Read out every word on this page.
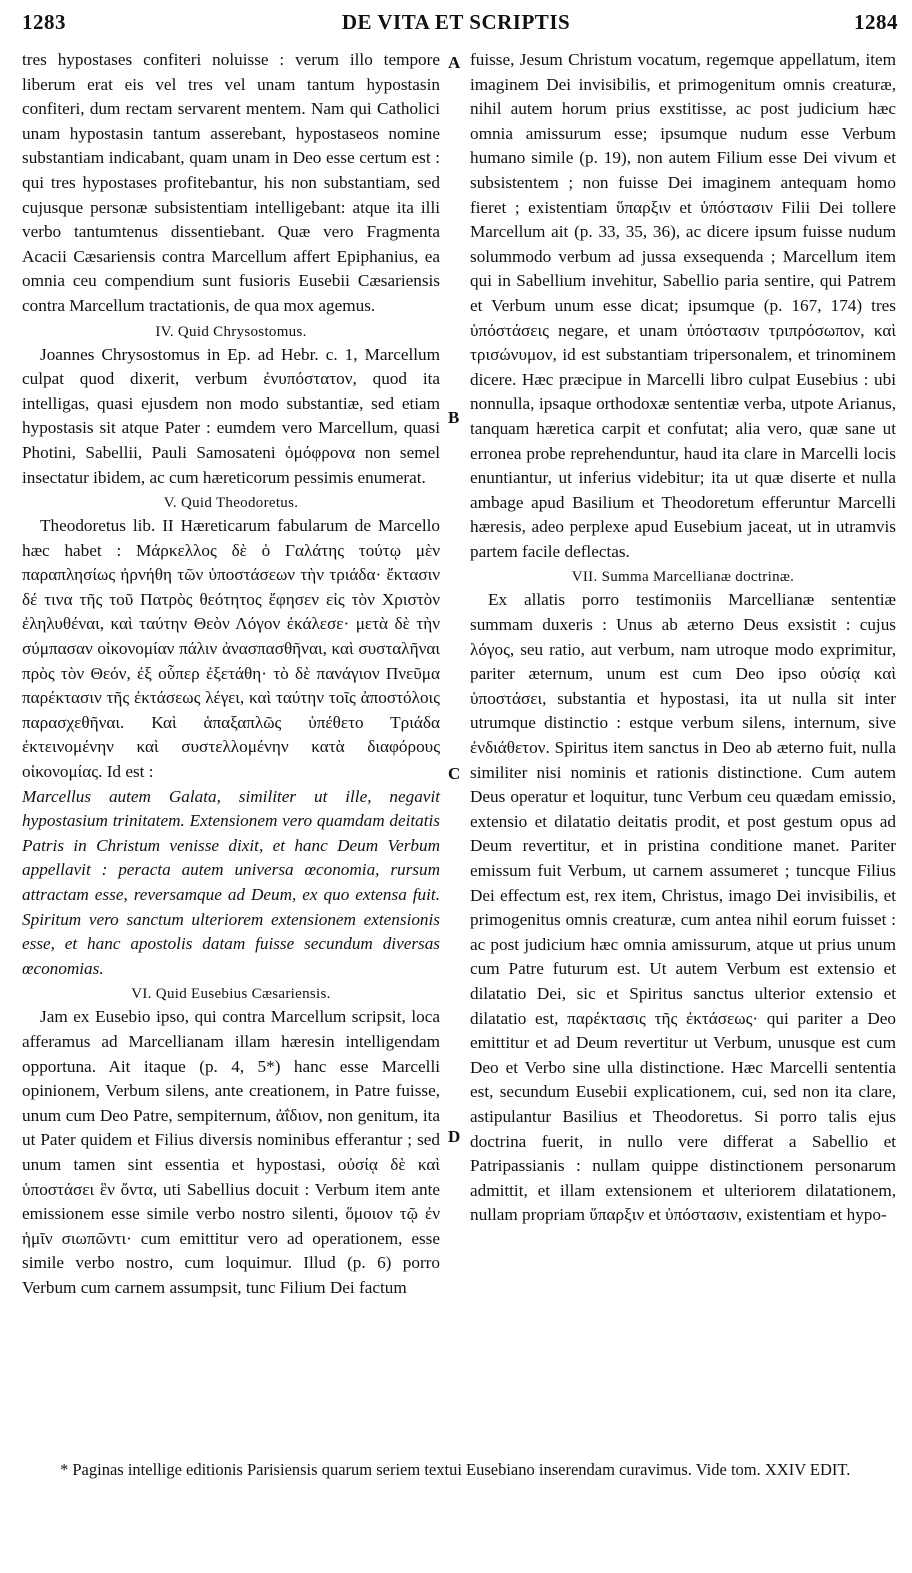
1283	DE VITA ET SCRIPTIS	1284
A
B
C
D

tres hypostases confiteri noluisse : verum illo tempore liberum erat eis vel tres vel unam tantum hypostasin confiteri, dum rectam servarent mentem. Nam qui Catholici unam hypostasin tantum asserebant, hypostaseos nomine substantiam indicabant, quam unam in Deo esse certum est : qui tres hypostases profitebantur, his non substantiam, sed cujusque personæ subsistentiam intelligebant: atque ita illi verbo tantumtenus dissentiebant. Quæ vero Fragmenta Acacii Cæsariensis contra Marcellum affert Epiphanius, ea omnia ceu compendium sunt fusioris Eusebii Cæsariensis contra Marcellum tractationis, de qua mox agemus.

IV. Quid Chrysostomus.

Joannes Chrysostomus in Ep. ad Hebr. c. 1, Marcellum culpat quod dixerit, verbum ἐνυπόστατον, quod ita intelligas, quasi ejusdem non modo substantiæ, sed etiam hypostasis sit atque Pater : eumdem vero Marcellum, quasi Photini, Sabellii, Pauli Samosateni ὁμόφρονα non semel insectatur ibidem, ac cum hæreticorum pessimis enumerat.

V. Quid Theodoretus.

Theodoretus lib. II Hæreticarum fabularum de Marcello hæc habet : Μάρκελλος δὲ ὁ Γαλάτης τούτῳ μὲν παραπλησίως ἠρνήθη τῶν ὑποστάσεων τὴν τριάδα· ἔκτασιν δέ τινα τῆς τοῦ Πατρὸς θεότητος ἔφησεν εἰς τὸν Χριστὸν ἐληλυθέναι, καὶ ταύτην Θεὸν Λόγον ἐκάλεσε· μετὰ δὲ τὴν σύμπασαν οἰκονομίαν πάλιν ἀνασπασθῆναι, καὶ συσταλῆναι πρὸς τὸν Θεόν, ἐξ οὗπερ ἐξετάθη· τὸ δὲ πανάγιον Πνεῦμα παρέκτασιν τῆς ἐκτάσεως λέγει, καὶ ταύτην τοῖς ἀποστόλοις παρασχεθῆναι. Καὶ ἁπαξαπλῶς ὑπέθετο Τριάδα ἐκτεινομένην καὶ συστελλομένην κατὰ διαφόρους οἰκονομίας. Id est :

Marcellus autem Galata, similiter ut ille, negavit hypostasium trinitatem. Extensionem vero quamdam deitatis Patris in Christum venisse dixit, et hanc Deum Verbum appellavit : peracta autem universa œconomia, rursum attractam esse, reversamque ad Deum, ex quo extensa fuit. Spiritum vero sanctum ulteriorem extensionem extensionis esse, et hanc apostolis datam fuisse secundum diversas œconomias.

VI. Quid Eusebius Cæsariensis.

Jam ex Eusebio ipso, qui contra Marcellum scripsit, loca afferamus ad Marcellianam illam hæresin intelligendam opportuna. Ait itaque (p. 4, 5*) hanc esse Marcelli opinionem, Verbum silens, ante creationem, in Patre fuisse, unum cum Deo Patre, sempiternum, ἀΐδιον, non genitum, ita ut Pater quidem et Filius diversis nominibus efferantur ; sed unum tamen sint essentia et hypostasi, οὐσίᾳ δὲ καὶ ὑποστάσει ἓν ὄντα, uti Sabellius docuit : Verbum item ante emissionem esse simile verbo nostro silenti, ὅμοιον τῷ ἐν ἡμῖν σιωπῶντι· cum emittitur vero ad operationem, esse simile verbo nostro, cum loquimur. Illud (p. 6) porro Verbum cum carnem assumpsit, tunc Filium Dei factum

fuisse, Jesum Christum vocatum, regemque appellatum, item imaginem Dei invisibilis, et primogenitum omnis creaturæ, nihil autem horum prius exstitisse, ac post judicium hæc omnia amissurum esse; ipsumque nudum esse Verbum humano simile (p. 19), non autem Filium esse Dei vivum et subsistentem ; non fuisse Dei imaginem antequam homo fieret ; existentiam ὕπαρξιν et ὑπόστασιν Filii Dei tollere Marcellum ait (p. 33, 35, 36), ac dicere ipsum fuisse nudum solummodo verbum ad jussa exsequenda ; Marcellum item qui in Sabellium invehitur, Sabellio paria sentire, qui Patrem et Verbum unum esse dicat; ipsumque (p. 167, 174) tres ὑπόστάσεις negare, et unam ὑπόστασιν τριπρόσωπον, καὶ τρισώνυμον, id est substantiam tripersonalem, et trinominem dicere. Hæc præcipue in Marcelli libro culpat Eusebius : ubi nonnulla, ipsaque orthodoxæ sententiæ verba, utpote Arianus, tanquam hæretica carpit et confutat; alia vero, quæ sane ut erronea probe reprehenduntur, haud ita clare in Marcelli locis enuntiantur, ut inferius videbitur; ita ut quæ diserte et nulla ambage apud Basilium et Theodoretum efferuntur Marcelli hæresis, adeo perplexe apud Eusebium jaceat, ut in utramvis partem facile deflectas.

VII. Summa Marcellianæ doctrinæ.

Ex allatis porro testimoniis Marcellianæ sententiæ summam duxeris : Unus ab æterno Deus exsistit : cujus λόγος, seu ratio, aut verbum, nam utroque modo exprimitur, pariter æternum, unum est cum Deo ipso οὐσίᾳ καὶ ὑποστάσει, substantia et hypostasi, ita ut nulla sit inter utrumque distinctio : estque verbum silens, internum, sive ἐνδιάθετον. Spiritus item sanctus in Deo ab æterno fuit, nulla similiter nisi nominis et rationis distinctione. Cum autem Deus operatur et loquitur, tunc Verbum ceu quædam emissio, extensio et dilatatio deitatis prodit, et post gestum opus ad Deum revertitur, et in pristina conditione manet. Pariter emissum fuit Verbum, ut carnem assumeret ; tuncque Filius Dei effectum est, rex item, Christus, imago Dei invisibilis, et primogenitus omnis creaturæ, cum antea nihil eorum fuisset : ac post judicium hæc omnia amissurum, atque ut prius unum cum Patre futurum est. Ut autem Verbum est extensio et dilatatio Dei, sic et Spiritus sanctus ulterior extensio et dilatatio est, παρέκτασις τῆς ἐκτάσεως· qui pariter a Deo emittitur et ad Deum revertitur ut Verbum, unusque est cum Deo et Verbo sine ulla distinctione. Hæc Marcelli sententia est, secundum Eusebii explicationem, cui, sed non ita clare, astipulantur Basilius et Theodoretus. Si porro talis ejus doctrina fuerit, in nullo vere differat a Sabellio et Patripassianis : nullam quippe distinctionem personarum admittit, et illam extensionem et ulteriorem dilatationem, nullam propriam ὕπαρξιν et ὑπόστασιν, existentiam et hypo-

* Paginas intellige editionis Parisiensis quarum seriem textui Eusebiano inserendam curavimus. Vide tom. XXIV EDIT.
